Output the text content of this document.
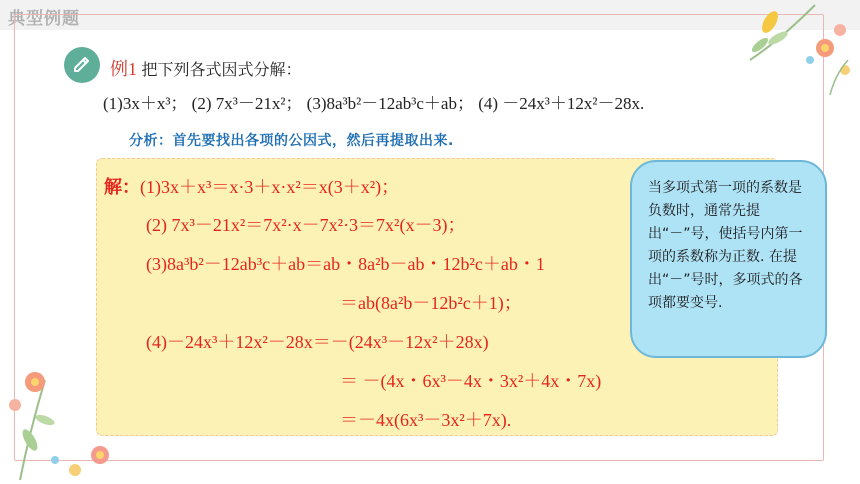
典型例题
例1 把下列各式因式分解：
(1)3x＋x³； (2) 7x³－21x²； (3)8a³b²－12ab³c＋ab； (4) －24x³＋12x²－28x.
分析：首先要找出各项的公因式，然后再提取出来.
解：(1)3x＋x³＝x·3＋x·x²＝x(3＋x²)；
(2) 7x³－21x²＝7x²·x－7x²·3＝7x²(x－3)；
(3)8a³b²－12ab³c＋ab＝ab・8a²b－ab・12b²c＋ab・1
＝ab(8a²b－12b²c＋1)；
(4)－24x³＋12x²－28x＝－(24x³－12x²＋28x)
＝ －(4x・6x³－4x・3x²＋4x・7x)
＝－4x(6x³－3x²＋7x).
当多项式第一项的系数是负数时，通常先提出“－”号，使括号内第一项的系数称为正数. 在提出“－”号时，多项式的各项都要变号.
